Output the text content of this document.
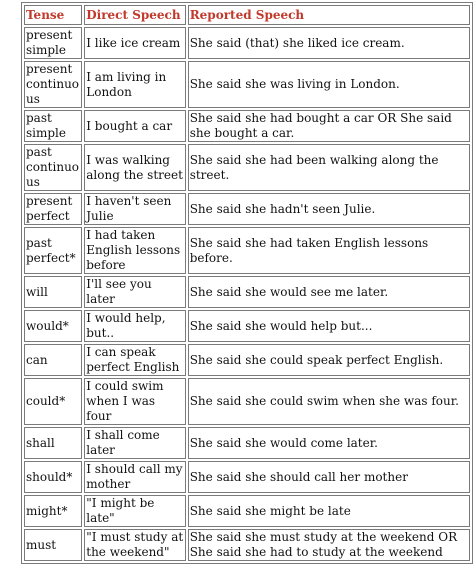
Tense	Direct Speech	Reported Speech
present simple	I like ice cream	She said (that) she liked ice cream.
present continuous	I am living in London	She said she was living in London.
past simple	I bought a car	She said she had bought a car OR She said she bought a car.
past continuous	I was walking along the street	She said she had been walking along the street.
present perfect	I haven't seen Julie	She said she hadn't seen Julie.
past perfect*	I had taken English lessons before	She said she had taken English lessons before.
will	I'll see you later	She said she would see me later.
would*	I would help, but..	She said she would help but...
can	I can speak perfect English	She said she could speak perfect English.
could*	I could swim when I was four	She said she could swim when she was four.
shall	I shall come later	She said she would come later.
should*	I should call my mother	She said she should call her mother
might*	"I might be late"	She said she might be late
must	"I must study at the weekend"	She said she must study at the weekend OR She said she had to study at the weekend
